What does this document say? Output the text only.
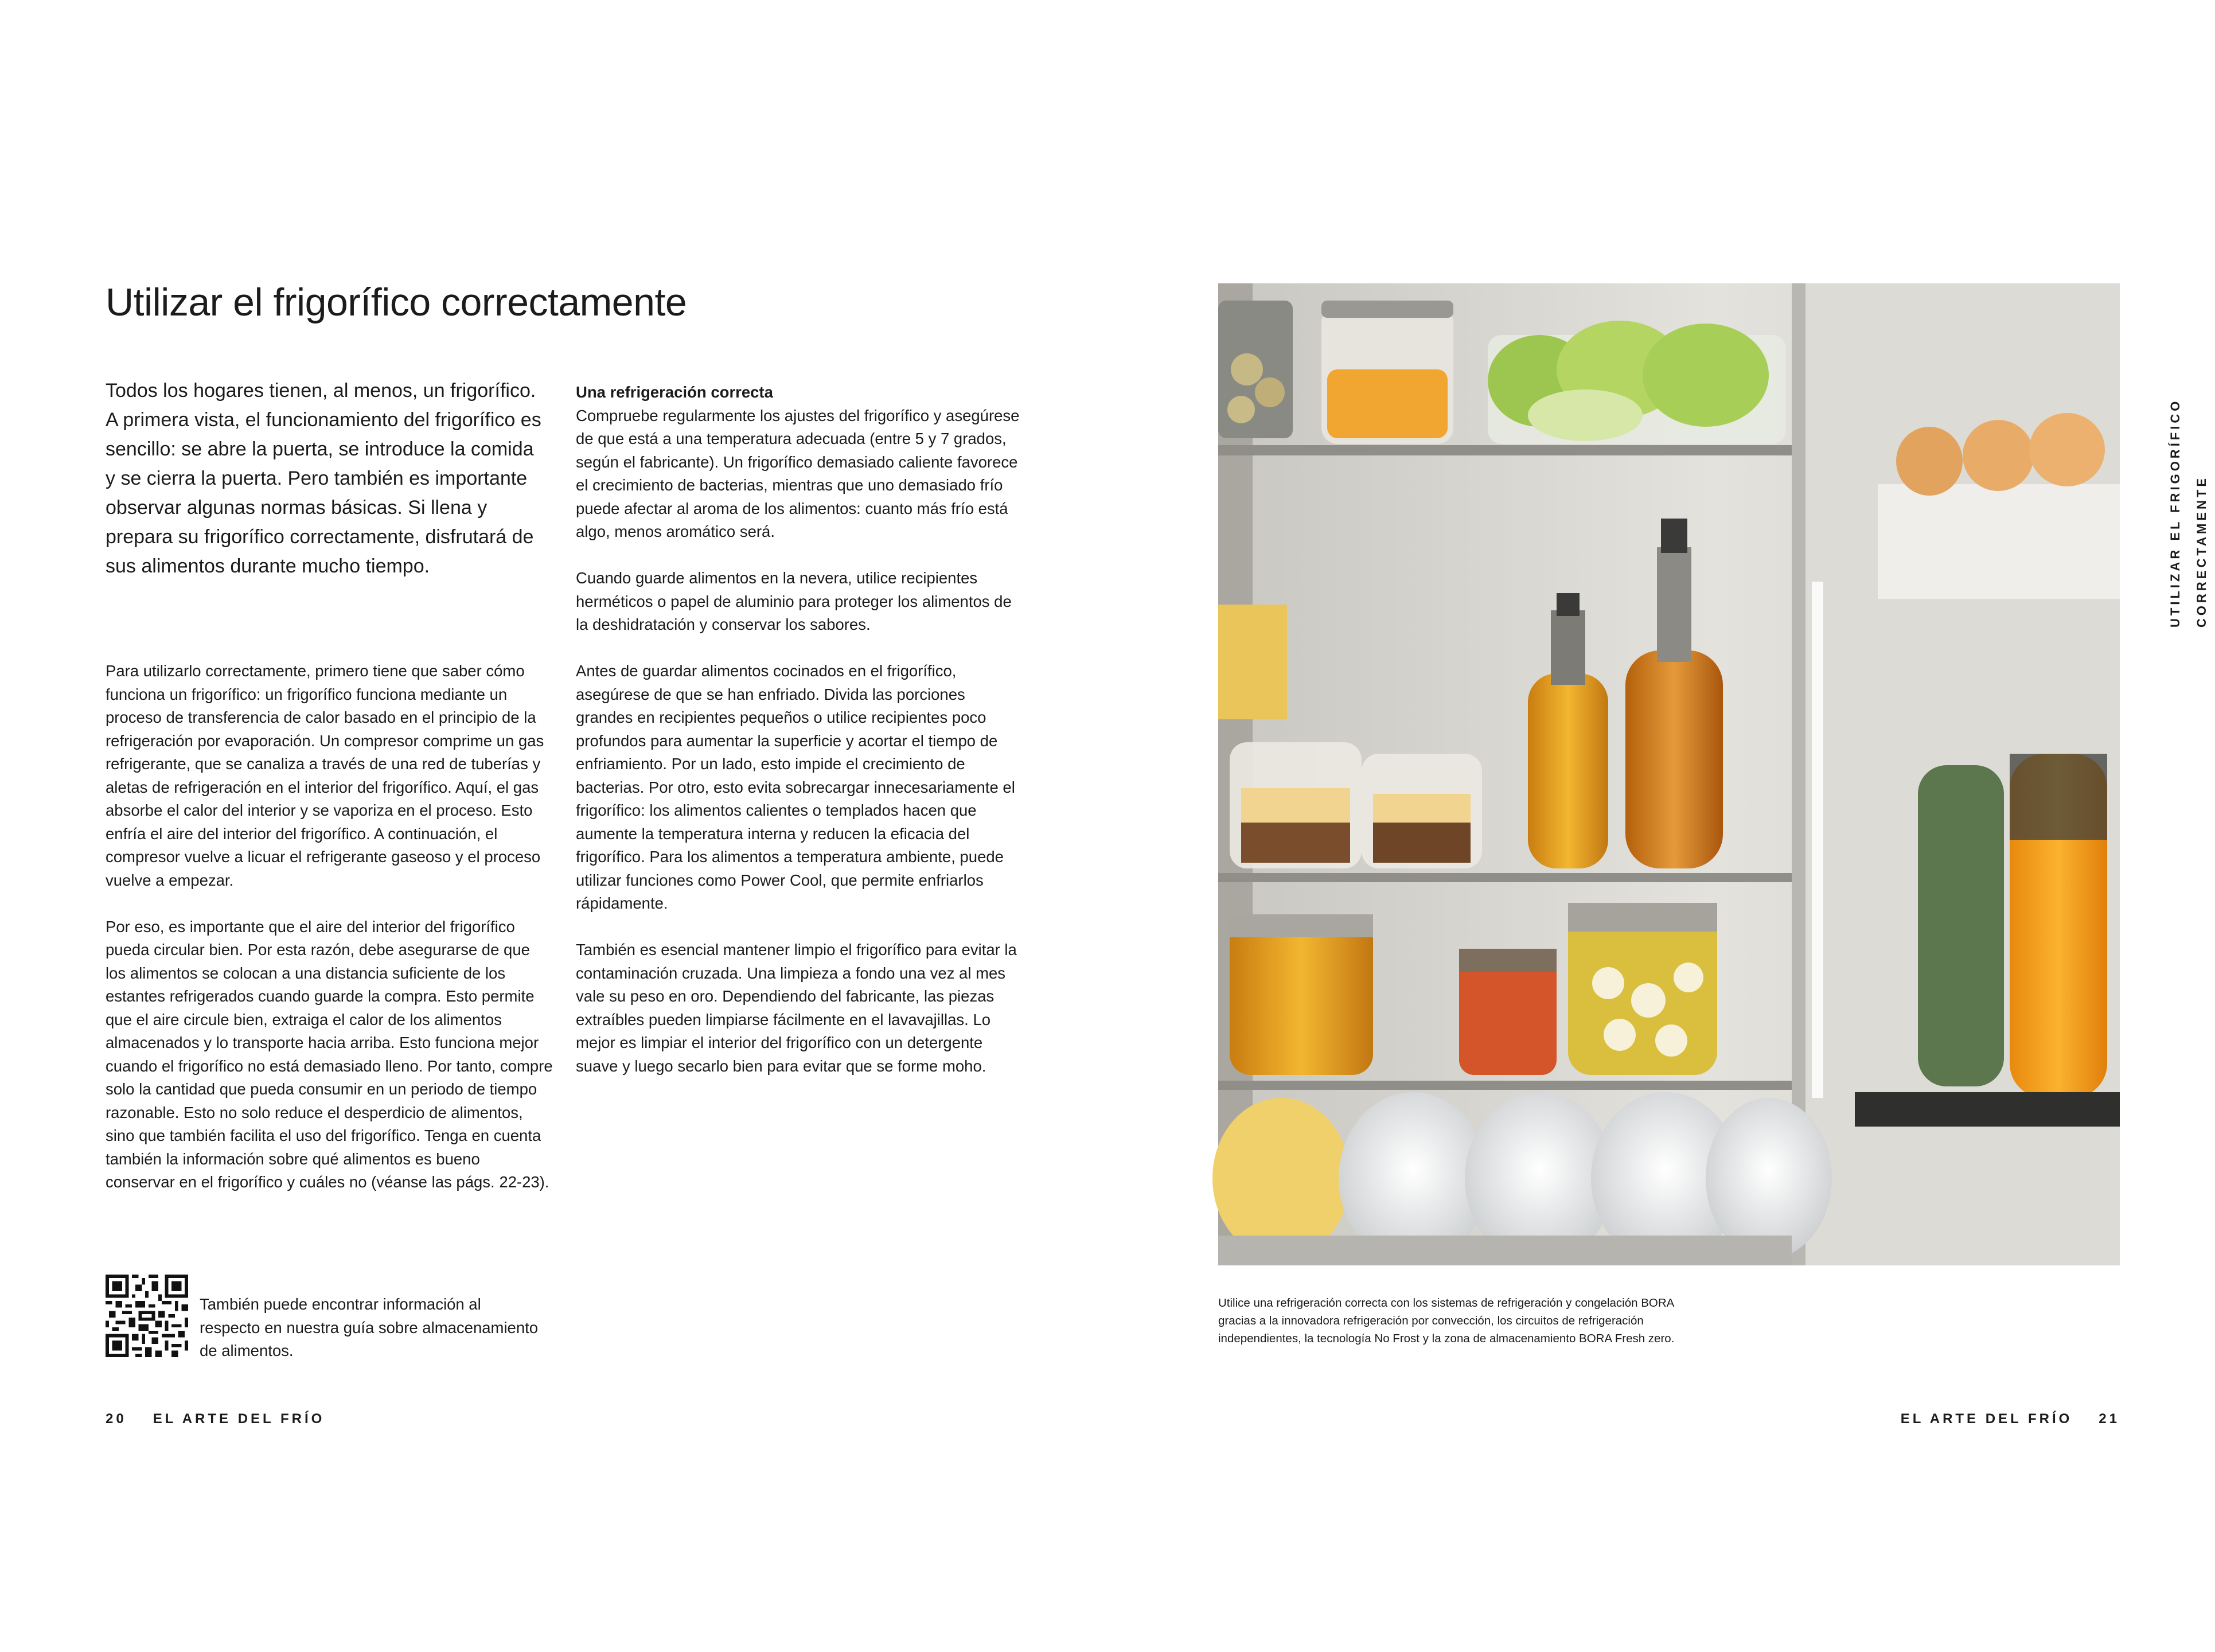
Utilizar el frigorífico correctamente

Todos los hogares tienen, al menos, un frigorífico. A primera vista, el funcionamiento del frigorífico es sencillo: se abre la puerta, se introduce la comida y se cierra la puerta. Pero también es importante observar algunas normas básicas. Si llena y prepara su frigorífico correctamente, disfrutará de sus alimentos durante mucho tiempo.

Para utilizarlo correctamente, primero tiene que saber cómo funciona un frigorífico: un frigorífico funciona mediante un proceso de transferencia de calor basado en el principio de la refrigeración por evaporación. Un compresor comprime un gas refrigerante, que se canaliza a través de una red de tuberías y aletas de refrigeración en el interior del frigorífico. Aquí, el gas absorbe el calor del interior y se vaporiza en el proceso. Esto enfría el aire del interior del frigorífico. A continuación, el compresor vuelve a licuar el refrigerante gaseoso y el proceso vuelve a empezar.

Por eso, es importante que el aire del interior del frigorífico pueda circular bien. Por esta razón, debe asegurarse de que los alimentos se colocan a una distancia suficiente de los estantes refrigerados cuando guarde la compra. Esto permite que el aire circule bien, extraiga el calor de los alimentos almacenados y lo transporte hacia arriba. Esto funciona mejor cuando el frigorífico no está demasiado lleno. Por tanto, compre solo la cantidad que pueda consumir en un periodo de tiempo razonable. Esto no solo reduce el desperdicio de alimentos, sino que también facilita el uso del frigorífico. Tenga en cuenta también la información sobre qué alimentos es bueno conservar en el frigorífico y cuáles no (véanse las págs. 22-23).

Una refrigeración correcta
Compruebe regularmente los ajustes del frigorífico y asegúrese de que está a una temperatura adecuada (entre 5 y 7 grados, según el fabricante). Un frigorífico demasiado caliente favorece el crecimiento de bacterias, mientras que uno demasiado frío puede afectar al aroma de los alimentos: cuanto más frío está algo, menos aromático será.

Cuando guarde alimentos en la nevera, utilice recipientes herméticos o papel de aluminio para proteger los alimentos de la deshidratación y conservar los sabores.

Antes de guardar alimentos cocinados en el frigorífico, asegúrese de que se han enfriado. Divida las porciones grandes en recipientes pequeños o utilice recipientes poco profundos para aumentar la superficie y acortar el tiempo de enfriamiento. Por un lado, esto impide el crecimiento de bacterias. Por otro, esto evita sobrecargar innecesariamente el frigorífico: los alimentos calientes o templados hacen que aumente la temperatura interna y reducen la eficacia del frigorífico. Para los alimentos a temperatura ambiente, puede utilizar funciones como Power Cool, que permite enfriarlos rápidamente.

También es esencial mantener limpio el frigorífico para evitar la contaminación cruzada. Una limpieza a fondo una vez al mes vale su peso en oro. Dependiendo del fabricante, las piezas extraíbles pueden limpiarse fácilmente en el lavavajillas. Lo mejor es limpiar el interior del frigorífico con un detergente suave y luego secarlo bien para evitar que se forme moho.

También puede encontrar información al respecto en nuestra guía sobre almacenamiento de alimentos.

Utilice una refrigeración correcta con los sistemas de refrigeración y congelación BORA gracias a la innovadora refrigeración por convección, los circuitos de refrigeración independientes, la tecnología No Frost y la zona de almacenamiento BORA Fresh zero.

20 EL ARTE DEL FRÍO	EL ARTE DEL FRÍO 21
UTILIZAR EL FRIGORÍFICO CORRECTAMENTE
